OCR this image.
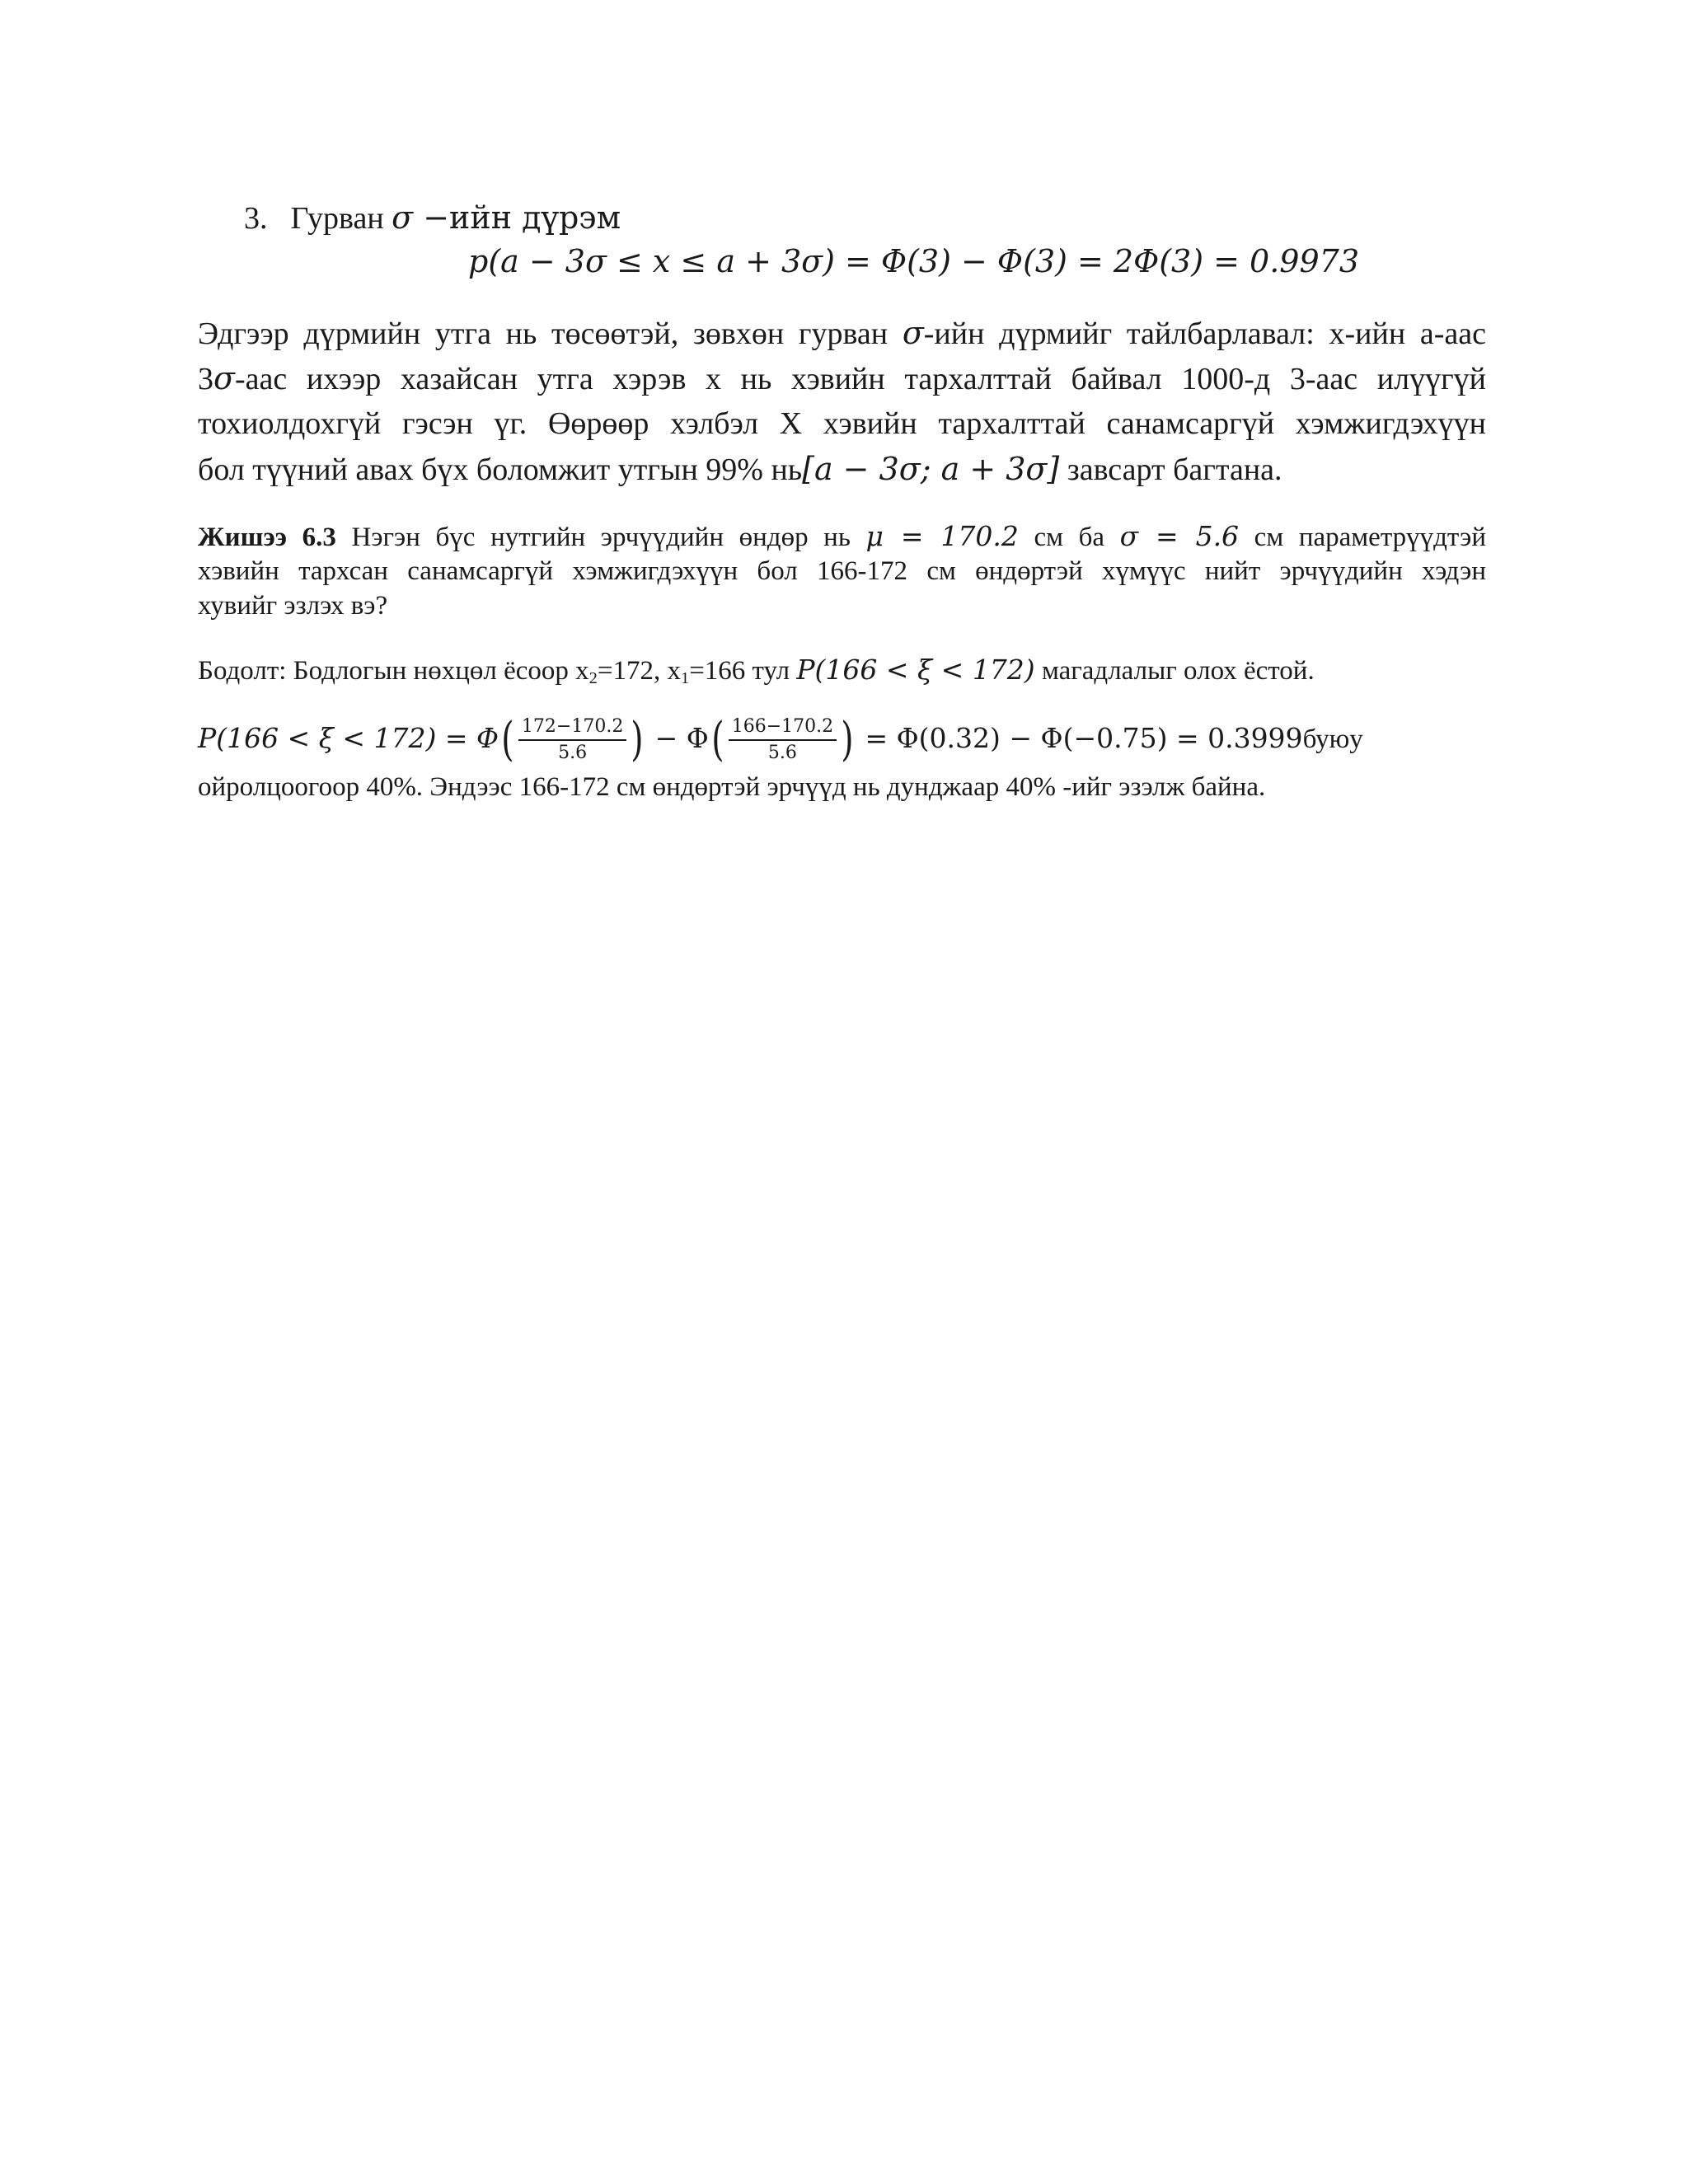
3. Гурван σ −ийн дүрэм
p(a − 3σ ≤ x ≤ a + 3σ) = Φ(3) − Φ(3) = 2Φ(3) = 0.9973
Эдгээр дүрмийн утга нь төсөөтэй, зөвхөн гурван σ-ийн дүрмийг тайлбарлавал: x-ийн а-аас
3σ-аас ихээр хазайсан утга хэрэв x нь хэвийн тархалттай байвал 1000-д 3-аас илүүгүй
тохиолдохгүй гэсэн үг. Өөрөөр хэлбэл X хэвийн тархалттай санамсаргүй хэмжигдэхүүн
бол түүний авах бүх боломжит утгын 99% нь[a − 3σ; a + 3σ] завсарт багтана.
Жишээ 6.3 Нэгэн бүс нутгийн эрчүүдийн өндөр нь μ = 170.2 см ба σ = 5.6 см параметрүүдтэй
хэвийн тархсан санамсаргүй хэмжигдэхүүн бол 166-172 см өндөртэй хүмүүс нийт эрчүүдийн хэдэн
хувийг эзлэх вэ?
Бодолт: Бодлогын нөхцөл ёсоор $x_2=172$, $x_1=166$ тул P(166 < ξ < 172) магадлалыг олох ёстой.
$P(166 < \xi < 172) = \Phi( \frac{172-170.2}{5.6}$ ) − $\Phi( \frac{166-170.2}{5.6}$ ) = Φ(0.32) − Φ(−0.75) = 0.3999буюу
ойролцоогоор 40%. Эндээс 166-172 см өндөртэй эрчүүд нь дунджаар 40% -ийг эзэлж байна.
